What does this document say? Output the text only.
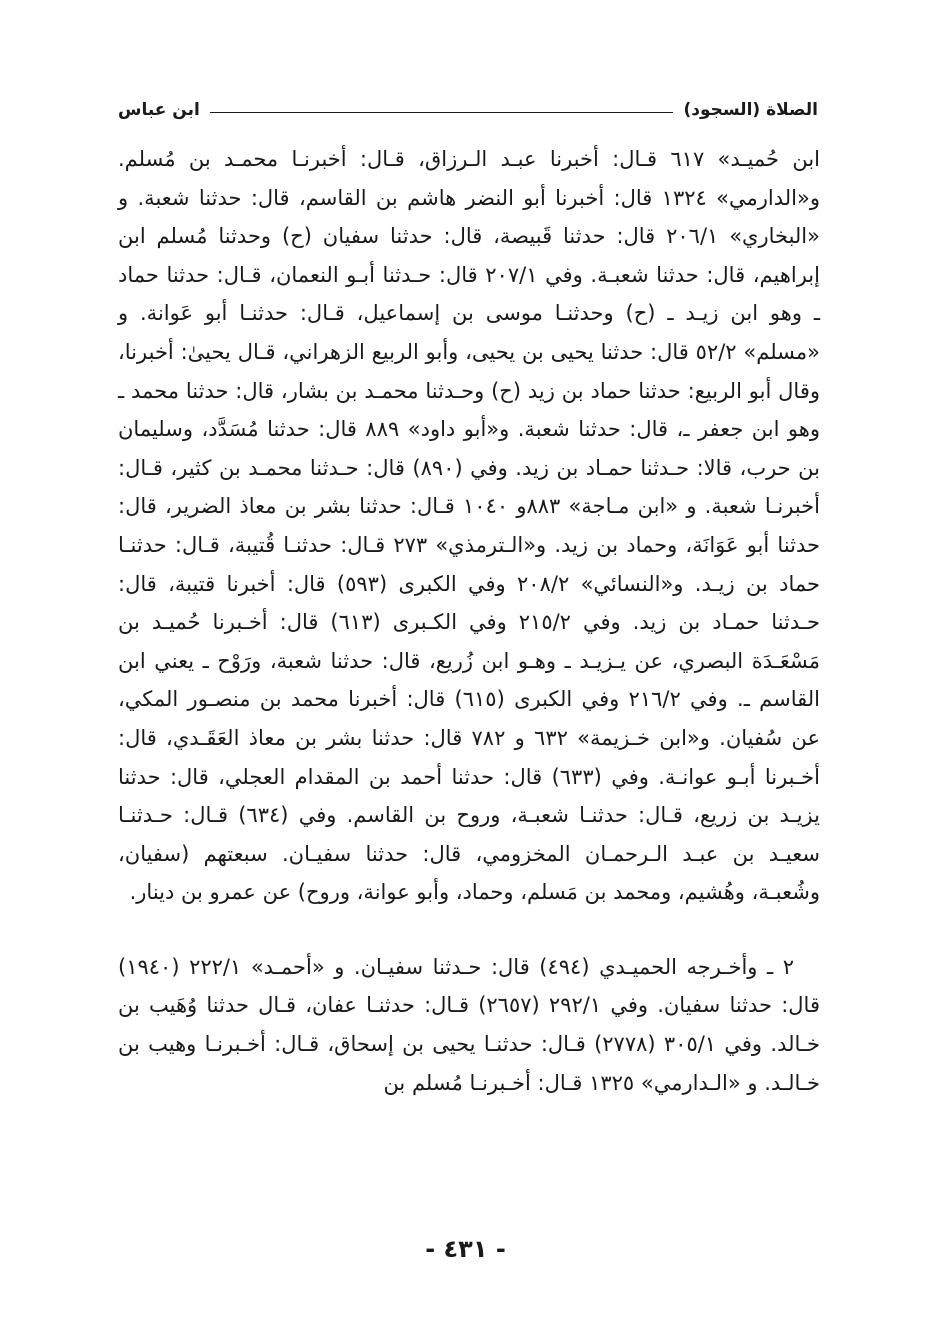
الصلاة (السجود)
ابن عباس

ابن حُميـد» ٦١٧ قـال: أخبرنا عبـد الـرزاق، قـال: أخبرنـا محمـد بن مُسلم. و«الدارمي» ١٣٢٤ قال: أخبرنا أبو النضر هاشم بن القاسم، قال: حدثنا شعبة. و «البخاري» ٢٠٦/١ قال: حدثنا قَبيصة، قال: حدثنا سفيان (ح) وحدثنا مُسلم ابن إبراهيم، قال: حدثنا شعبـة. وفي ٢٠٧/١ قال: حـدثنا أبـو النعمان، قـال: حدثنا حماد ـ وهو ابن زيـد ـ (ح) وحدثنـا موسى بن إسماعيل، قـال: حدثنـا أبو عَوانة. و «مسلم» ٥٢/٢ قال: حدثنا يحيى بن يحيى، وأبو الربيع الزهراني، قـال يحيىٰ: أخبرنا، وقال أبو الربيع: حدثنا حماد بن زيد (ح) وحـدثنا محمـد بن بشار، قال: حدثنا محمد ـ وهو ابن جعفر ـ، قال: حدثنا شعبة. و«أبو داود» ٨٨٩ قال: حدثنا مُسَدَّد، وسليمان بن حرب، قالا: حـدثنا حمـاد بن زيد. وفي (٨٩٠) قال: حـدثنا محمـد بن كثير، قـال: أخبرنـا شعبة. و «ابن مـاجة» ٨٨٣و ١٠٤٠ قـال: حدثنا بشر بن معاذ الضرير، قال: حدثنا أبو عَوَانَة، وحماد بن زيد. و«الـترمذي» ٢٧٣ قـال: حدثنـا قُتيبة، قـال: حدثنـا حماد بن زيـد. و«النسائي» ٢٠٨/٢ وفي الكبرى (٥٩٣) قال: أخبرنا قتيبة، قال: حـدثنا حمـاد بن زيد. وفي ٢١٥/٢ وفي الكـبرى (٦١٣) قال: أخـبرنا حُميـد بن مَسْعَـدَة البصري، عن يـزيـد ـ وهـو ابن زُريع، قال: حدثنا شعبة، ورَوْح ـ يعني ابن القاسم ـ. وفي ٢١٦/٢ وفي الكبرى (٦١٥) قال: أخبرنا محمد بن منصـور المكي، عن سُفيان. و«ابن خـزيمة» ٦٣٢ و ٧٨٢ قال: حدثنا بشر بن معاذ العَقَـدي، قال: أخـبرنا أبـو عوانـة. وفي (٦٣٣) قال: حدثنا أحمد بن المقدام العجلي، قال: حدثنا يزيـد بن زريع، قـال: حدثنـا شعبـة، وروح بن القاسم. وفي (٦٣٤) قـال: حـدثنـا سعيـد بن عبـد الـرحمـان المخزومي، قال: حدثنا سفيـان. سبعتهم (سفيان، وشُعبـة، وهُشيم، ومحمد بن مَسلم، وحماد، وأبو عوانة، وروح) عن عمرو بن دينار.

٢ ـ وأخـرجه الحميـدي (٤٩٤) قال: حـدثنا سفيـان. و «أحمـد» ٢٢٢/١ (١٩٤٠) قال: حدثنا سفيان. وفي ٢٩٢/١ (٢٦٥٧) قـال: حدثنـا عفان، قـال حدثنا وُهَيب بن خـالد. وفي ٣٠٥/١ (٢٧٧٨) قـال: حدثنـا يحيى بن إسحاق، قـال: أخـبرنـا وهيب بن خـالـد. و «الـدارمي» ١٣٢٥ قـال: أخـبرنـا مُسلم بن

- ٤٣١ -
